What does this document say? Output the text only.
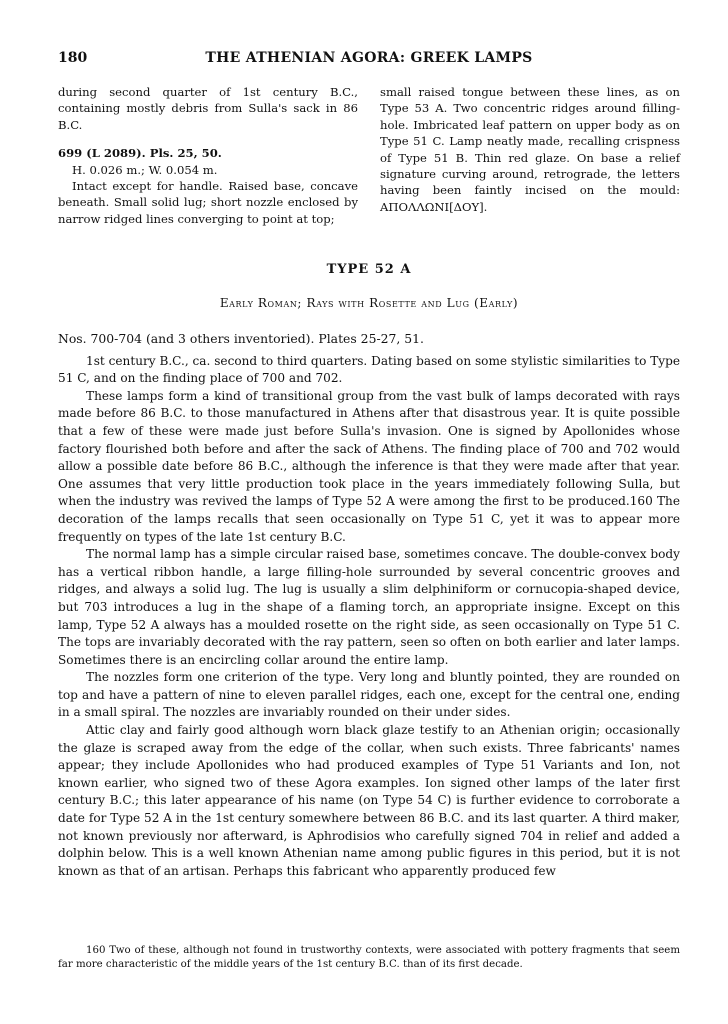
180	THE ATHENIAN AGORA: GREEK LAMPS

during second quarter of 1st century B.C., containing mostly debris from Sulla's sack in 86 B.C.

699 (L 2089). Pls. 25, 50.

H. 0.026 m.; W. 0.054 m.

Intact except for handle. Raised base, concave beneath. Small solid lug; short nozzle enclosed by narrow ridged lines converging to point at top;

small raised tongue between these lines, as on Type 53 A. Two concentric ridges around filling-hole. Imbricated leaf pattern on upper body as on Type 51 C. Lamp neatly made, recalling crispness of Type 51 B. Thin red glaze. On base a relief signature curving around, retrograde, the letters having been faintly incised on the mould: ΑΠΟΛΛΩΝΙ[ΔΟΥ].

TYPE 52 A
Early Roman; Rays with Rosette and Lug (Early)

Nos. 700-704 (and 3 others inventoried). Plates 25-27, 51.

1st century B.C., ca. second to third quarters. Dating based on some stylistic similarities to Type 51 C, and on the finding place of 700 and 702.

These lamps form a kind of transitional group from the vast bulk of lamps decorated with rays made before 86 B.C. to those manufactured in Athens after that disastrous year. It is quite possible that a few of these were made just before Sulla's invasion. One is signed by Apollonides whose factory flourished both before and after the sack of Athens. The finding place of 700 and 702 would allow a possible date before 86 B.C., although the inference is that they were made after that year. One assumes that very little production took place in the years immediately following Sulla, but when the industry was revived the lamps of Type 52 A were among the first to be produced.160 The decoration of the lamps recalls that seen occasionally on Type 51 C, yet it was to appear more frequently on types of the late 1st century B.C.

The normal lamp has a simple circular raised base, sometimes concave. The double-convex body has a vertical ribbon handle, a large filling-hole surrounded by several concentric grooves and ridges, and always a solid lug. The lug is usually a slim delphiniform or cornucopia-shaped device, but 703 introduces a lug in the shape of a flaming torch, an appropriate insigne. Except on this lamp, Type 52 A always has a moulded rosette on the right side, as seen occasionally on Type 51 C. The tops are invariably decorated with the ray pattern, seen so often on both earlier and later lamps. Sometimes there is an encircling collar around the entire lamp.

The nozzles form one criterion of the type. Very long and bluntly pointed, they are rounded on top and have a pattern of nine to eleven parallel ridges, each one, except for the central one, ending in a small spiral. The nozzles are invariably rounded on their under sides.

Attic clay and fairly good although worn black glaze testify to an Athenian origin; occasionally the glaze is scraped away from the edge of the collar, when such exists. Three fabricants' names appear; they include Apollonides who had produced examples of Type 51 Variants and Ion, not known earlier, who signed two of these Agora examples. Ion signed other lamps of the later first century B.C.; this later appearance of his name (on Type 54 C) is further evidence to corroborate a date for Type 52 A in the 1st century somewhere between 86 B.C. and its last quarter. A third maker, not known previously nor afterward, is Aphrodisios who carefully signed 704 in relief and added a dolphin below. This is a well known Athenian name among public figures in this period, but it is not known as that of an artisan. Perhaps this fabricant who apparently produced few

160 Two of these, although not found in trustworthy contexts, were associated with pottery fragments that seem far more characteristic of the middle years of the 1st century B.C. than of its first decade.
